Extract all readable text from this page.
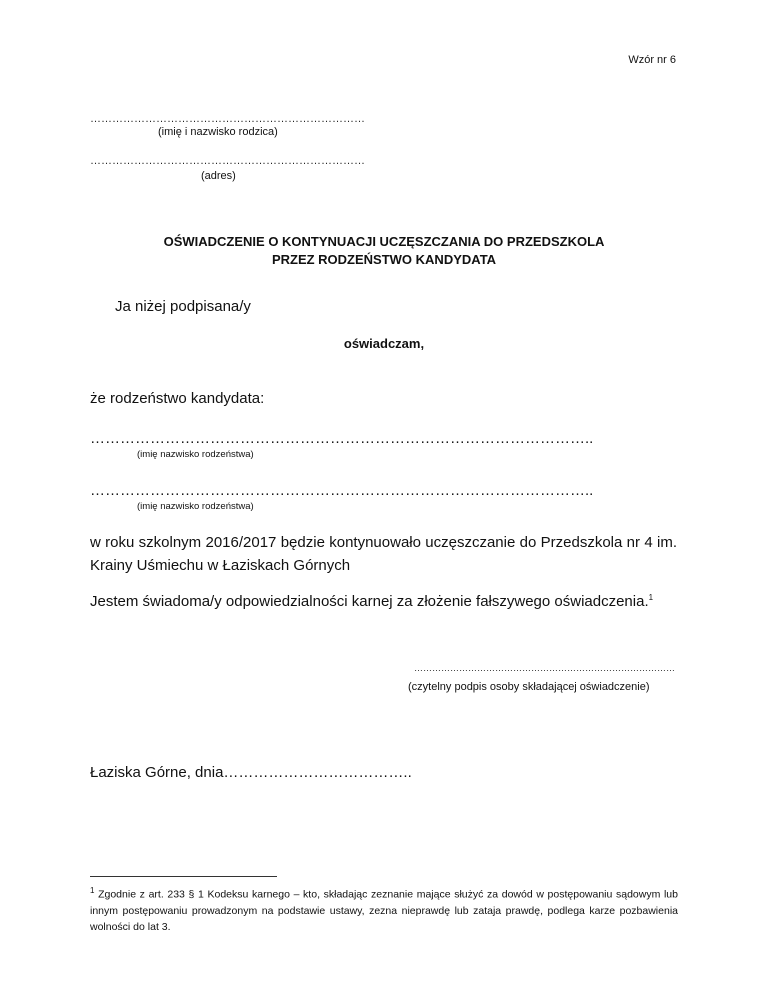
Wzór nr 6
…………………………………………………………………
(imię i nazwisko rodzica)
…………………………………………………………………
(adres)
OŚWIADCZENIE O KONTYNUACJI UCZĘSZCZANIA DO PRZEDSZKOLA
PRZEZ RODZEŃSTWO KANDYDATA
Ja niżej podpisana/y
oświadczam,
że rodzeństwo kandydata:
………………………………………………………………………………………..
(imię nazwisko rodzeństwa)
………………………………………………………………………………………..
(imię nazwisko rodzeństwa)
w roku szkolnym 2016/2017 będzie kontynuowało uczęszczanie do Przedszkola nr 4 im. Krainy Uśmiechu w Łaziskach Górnych
Jestem świadoma/y odpowiedzialności karnej za złożenie fałszywego oświadczenia.$^1$
……………………………………………………………………………
(czytelny podpis osoby składającej oświadczenie)
Łaziska Górne, dnia………………………………..
$^1$ Zgodnie z art. 233 § 1 Kodeksu karnego – kto, składając zeznanie mające służyć za dowód w postępowaniu sądowym lub innym postępowaniu prowadzonym na podstawie ustawy, zezna nieprawdę lub zataja prawdę, podlega karze pozbawienia wolności do lat 3.
